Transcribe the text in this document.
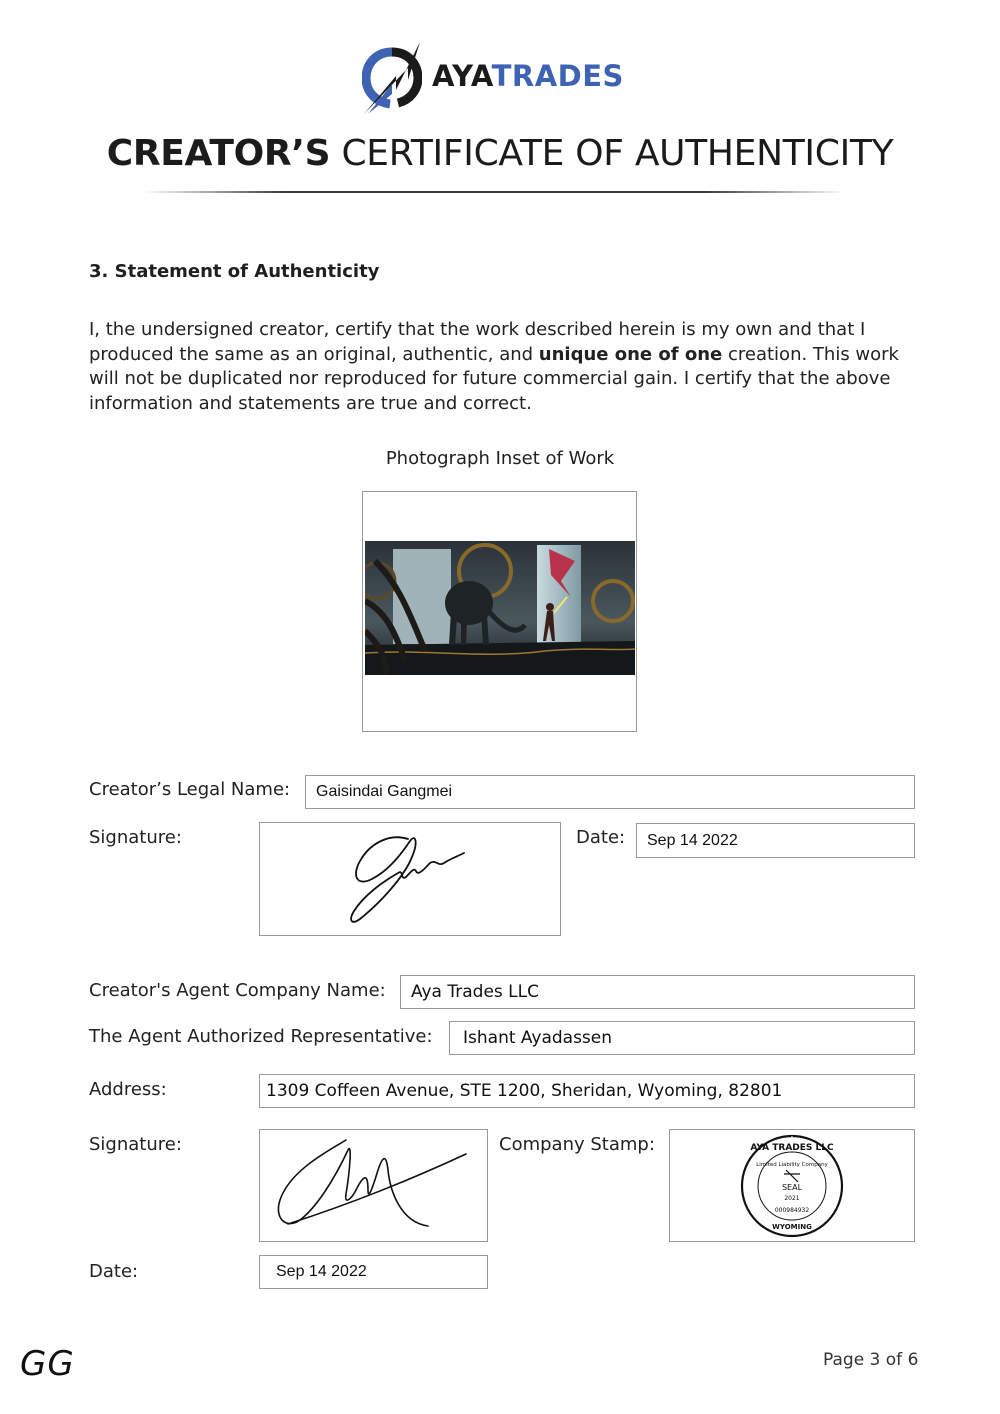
AYATRADES
CREATOR’S CERTIFICATE OF AUTHENTICITY
3. Statement of Authenticity
I, the undersigned creator, certify that the work described herein is my own and that I produced the same as an original, authentic, and unique one of one creation. This work will not be duplicated nor reproduced for future commercial gain. I certify that the above information and statements are true and correct.
Photograph Inset of Work
Creator’s Legal Name:	Gaisindai Gangmei
Signature:	Date:	Sep 14 2022
Creator's Agent Company Name:	Aya Trades LLC
The Agent Authorized Representative:	Ishant Ayadassen
Address:	1309 Coffeen Avenue, STE 1200, Sheridan, Wyoming, 82801
Signature:	Company Stamp:	AYA TRADES LLC
Limited Liability Company
SEAL
2021
000984932
WYOMING
Date:	Sep 14 2022
GG	Page 3 of 6
